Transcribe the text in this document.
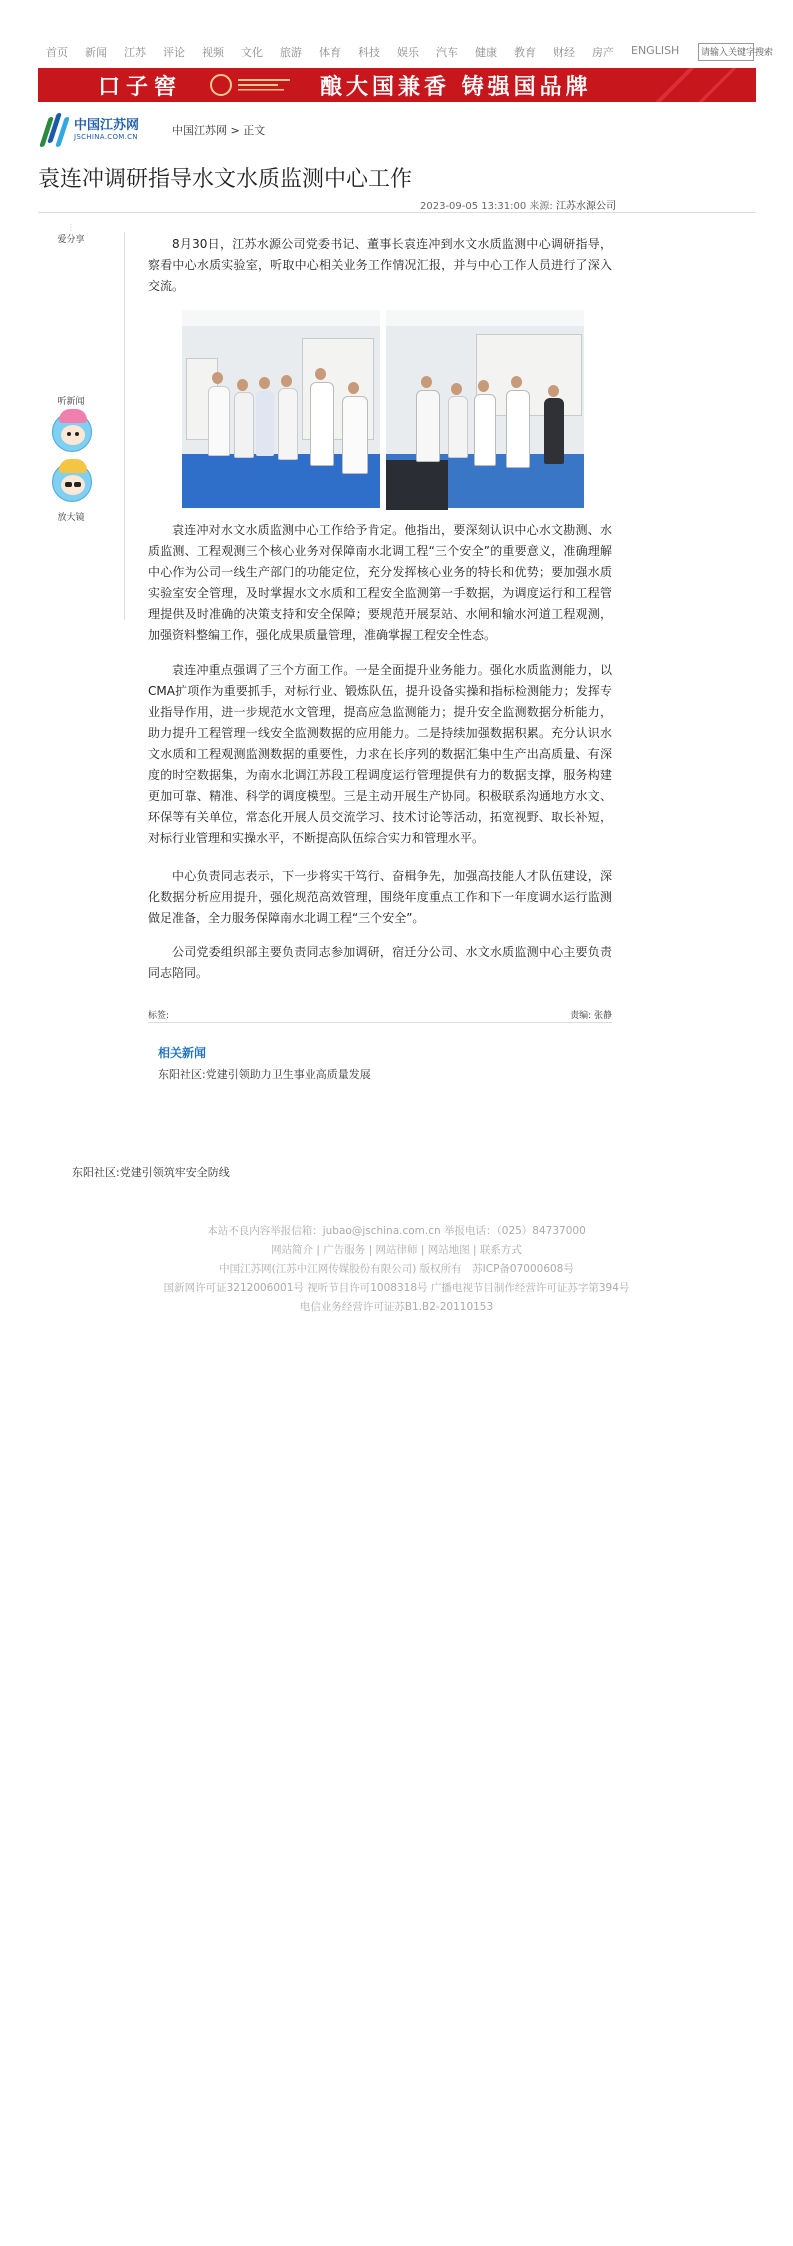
首页 新闻 江苏 评论 视频 文化 旅游 体育 科技 娱乐 汽车 健康 教育 财经 房产 ENGLISH	请输入关键字搜索
口子窖	酿大国兼香 铸强国品牌
中国江苏网
JSCHINA.COM.CN	中国江苏网 > 正文
袁连冲调研指导水文水质监测中心工作
2023-09-05 13:31:00 来源: 江苏水源公司
⋮
爱分享
听新闻
放大镜

8月30日，江苏水源公司党委书记、董事长袁连冲到水文水质监测中心调研指导，察看中心水质实验室，听取中心相关业务工作情况汇报，并与中心工作人员进行了深入交流。

袁连冲对水文水质监测中心工作给予肯定。他指出，要深刻认识中心水文勘测、水质监测、工程观测三个核心业务对保障南水北调工程“三个安全”的重要意义，准确理解中心作为公司一线生产部门的功能定位，充分发挥核心业务的特长和优势；要加强水质实验室安全管理，及时掌握水文水质和工程安全监测第一手数据，为调度运行和工程管理提供及时准确的决策支持和安全保障；要规范开展泵站、水闸和输水河道工程观测，加强资料整编工作，强化成果质量管理，准确掌握工程安全性态。

袁连冲重点强调了三个方面工作。一是全面提升业务能力。强化水质监测能力，以CMA扩项作为重要抓手，对标行业、锻炼队伍，提升设备实操和指标检测能力；发挥专业指导作用，进一步规范水文管理，提高应急监测能力；提升安全监测数据分析能力，助力提升工程管理一线安全监测数据的应用能力。二是持续加强数据积累。充分认识水文水质和工程观测监测数据的重要性，力求在长序列的数据汇集中生产出高质量、有深度的时空数据集，为南水北调江苏段工程调度运行管理提供有力的数据支撑，服务构建更加可靠、精准、科学的调度模型。三是主动开展生产协同。积极联系沟通地方水文、环保等有关单位，常态化开展人员交流学习、技术讨论等活动，拓宽视野、取长补短，对标行业管理和实操水平，不断提高队伍综合实力和管理水平。

中心负责同志表示，下一步将实干笃行、奋楫争先，加强高技能人才队伍建设，深化数据分析应用提升，强化规范高效管理，围绕年度重点工作和下一年度调水运行监测做足准备，全力服务保障南水北调工程“三个安全”。

公司党委组织部主要负责同志参加调研，宿迁分公司、水文水质监测中心主要负责同志陪同。

标签:	责编: 张静
相关新闻
东阳社区:党建引领助力卫生事业高质量发展
东阳社区:党建引领筑牢安全防线
本站不良内容举报信箱：jubao@jschina.com.cn 举报电话：（025）84737000
网站简介 | 广告服务 | 网站律师 | 网站地图 | 联系方式
中国江苏网(江苏中江网传媒股份有限公司) 版权所有　苏ICP备07000608号
国新网许可证3212006001号 视听节目许可1008318号 广播电视节目制作经营许可证苏字第394号
电信业务经营许可证苏B1.B2-20110153
